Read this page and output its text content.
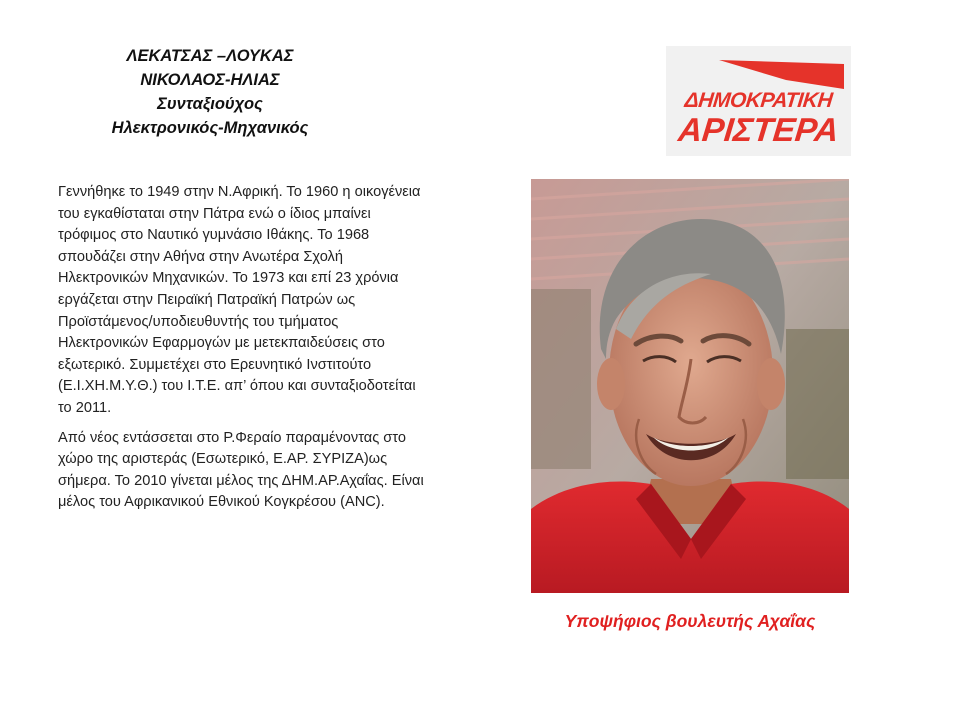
ΛΕΚΑΤΣΑΣ –ΛΟΥΚΑΣ
ΝΙΚΟΛΑΟΣ-ΗΛΙΑΣ
Συνταξιούχος
Ηλεκτρονικός-Μηχανικός

Γεννήθηκε το 1949 στην Ν.Αφρική. Το 1960 η οικογένεια του εγκαθίσταται στην Πάτρα ενώ ο ίδιος μπαίνει τρόφιμος στο Ναυτικό γυμνάσιο Ιθάκης. Το 1968 σπουδάζει στην Αθήνα στην Ανωτέρα Σχολή Ηλεκτρονικών Μηχανικών. Το 1973 και επί 23 χρόνια εργάζεται στην Πειραϊκή Πατραϊκή Πατρών ως Προϊστάμενος/υποδιευθυντής του τμήματος Ηλεκτρονικών Εφαρμογών με μετεκπαιδεύσεις στο εξωτερικό. Συμμετέχει στο Ερευνητικό Ινστιτούτο (Ε.Ι.ΧΗ.Μ.Υ.Θ.) του Ι.Τ.Ε. απ’ όπου και συνταξιοδοτείται το 2011.

Από νέος εντάσσεται στο Ρ.Φεραίο παραμένοντας στο χώρο της αριστεράς (Εσωτερικό, Ε.ΑΡ. ΣΥΡΙΖΑ)ως σήμερα. Το 2010 γίνεται μέλος της ΔΗΜ.ΑΡ.Αχαΐας. Είναι μέλος του Αφρικανικού Εθνικού Κογκρέσου (ANC).

ΔΗΜΟΚΡΑΤΙΚΗ
ΑΡΙΣΤΕΡΑ
Υποψήφιος βουλευτής Αχαΐας
